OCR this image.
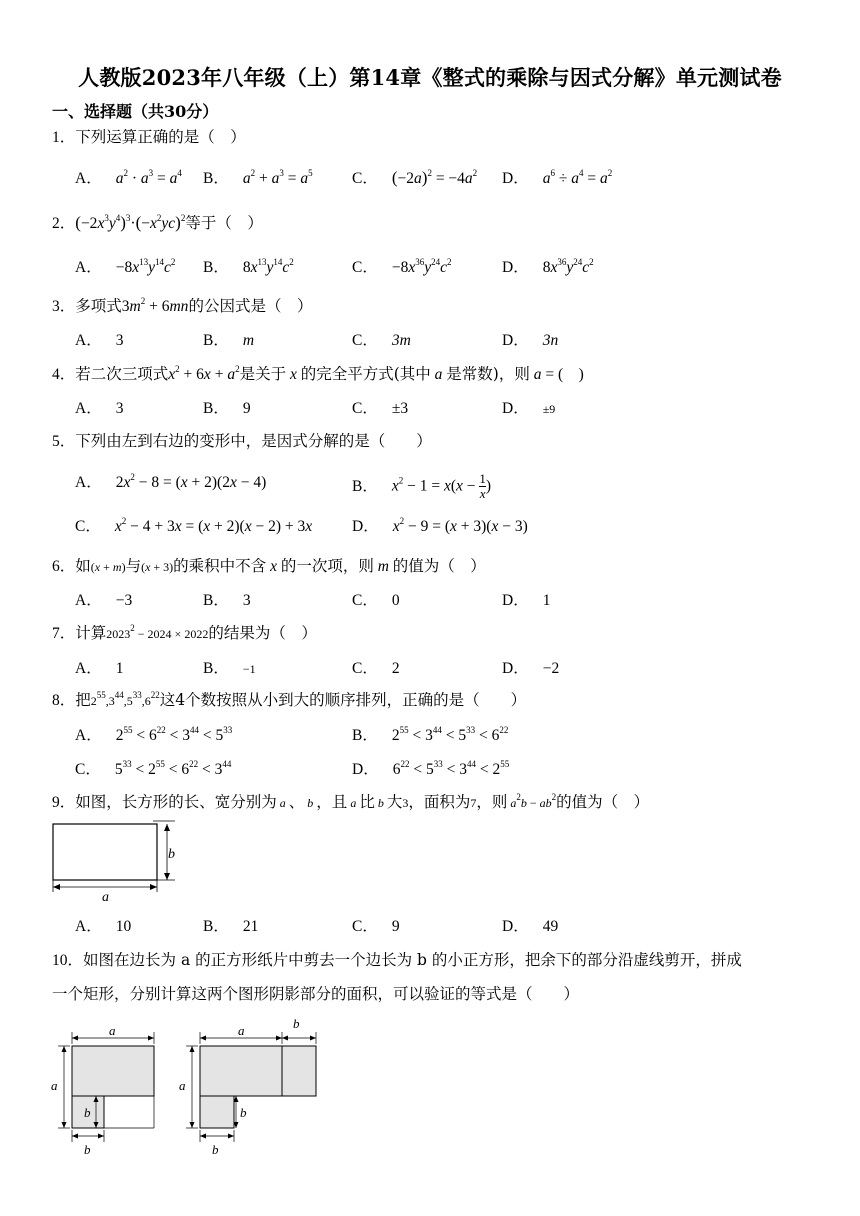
人教版2023年八年级（上）第14章《整式的乘除与因式分解》单元测试卷
一、选择题（共30分）
1．下列运算正确的是（　）
A． $a^2 \cdot a^3 = a^4$ B． $a^2 + a^3 = a^5$	C． $(-2a)^2 = -4a^2$ D． $a^6 \div a^4 = a^2$
2．$(-2x^3y^4)^3\cdot(-x^2yc)^2$等于（　）
A． $-8x^{13}y^{14}c^2$ B． $8x^{13}y^{14}c^2$	C． $-8x^{36}y^{24}c^2$	D． $8x^{36}y^{24}c^2$
3．多项式$3m^2 + 6mn$的公因式是（　）
A． 3	B． m	C． 3m	D． 3n
4．若二次三项式$x^2 + 6x + a^2$是关于 x 的完全平方式(其中 a 是常数)，则 a = (　)
A． 3	B． 9	C． ±3	D． ±9
5．下列由左到右边的变形中，是因式分解的是（　　）
A． $2x^2 - 8 = (x + 2)(2x - 4)$	B． $x^2 - 1 = x(x - \frac{1}{x}$ )
C． $x^2 - 4 + 3x = (x + 2)(x - 2) + 3x$	D． $x^2 - 9 = (x + 3)(x - 3)$
6．如(x + m)与(x + 3)的乘积中不含 x 的一次项，则 m 的值为（　）
A． −3	B． 3	C． 0	D． 1
7．计算$2023^2 - 2024 \times 2022$的结果为（　）
A． 1	B． −1	C． 2	D． −2
8．把$2^{55},3^{44},5^{33},6^{22}$这4个数按照从小到大的顺序排列，正确的是（　　）
A． $2^{55} < 6^{22} < 3^{44} < 5^{33}$	B． $2^{55} < 3^{44} < 5^{33} < 6^{22}$
C． $5^{33} < 2^{55} < 6^{22} < 3^{44}$	D． $6^{22} < 5^{33} < 3^{44} < 2^{55}$
9．如图，长方形的长、宽分别为 a 、 b ，且 a 比 b 大3，面积为7，则 $a^2b - ab^2$的值为（　）
b
a
A． 10	B． 21	C． 9	D． 49
10．如图在边长为 a 的正方形纸片中剪去一个边长为 b 的小正方形，把余下的部分沿虚线剪开，拼成
一个矩形，分别计算这两个图形阴影部分的面积，可以验证的等式是（　　）
a
a
b
b
a	b
a
b
b
